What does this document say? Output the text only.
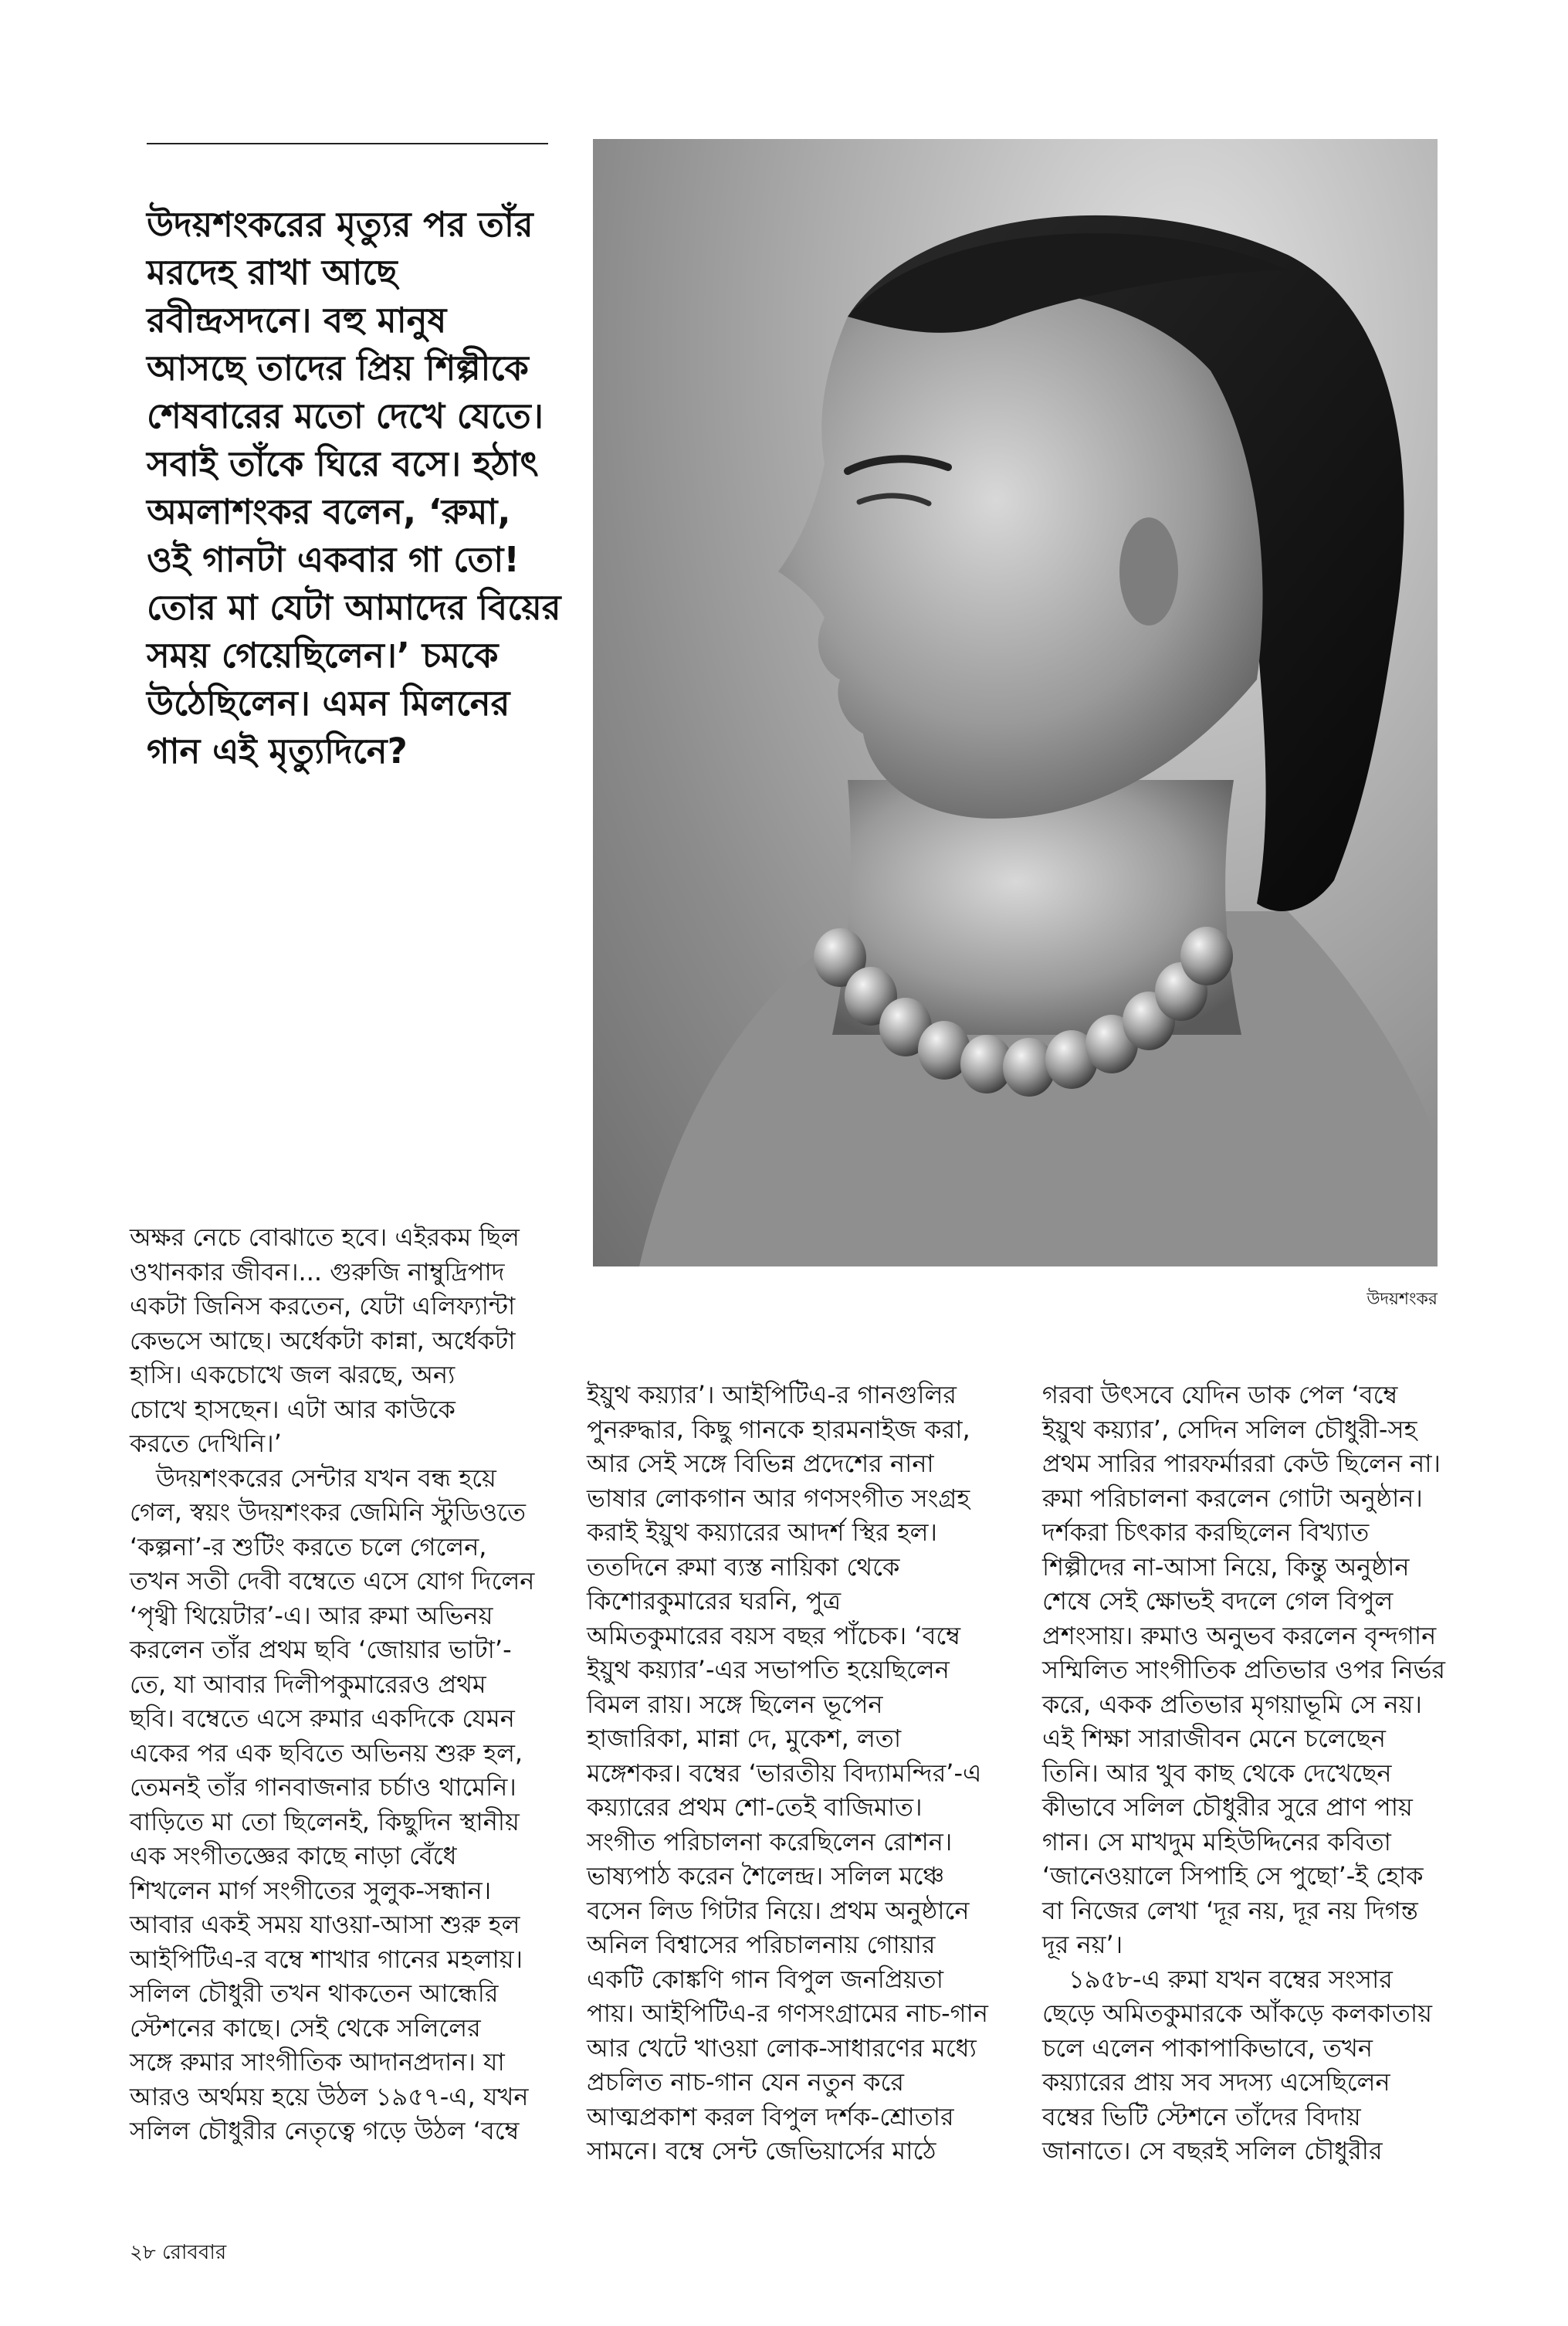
উদয়শংকরের মৃত্যুর পর তাঁর
মরদেহ রাখা আছে
রবীন্দ্রসদনে। বহু মানুষ
আসছে তাদের প্রিয় শিল্পীকে
শেষবারের মতো দেখে যেতে।
সবাই তাঁকে ঘিরে বসে। হঠাৎ
অমলাশংকর বলেন, ‘রুমা,
ওই গানটা একবার গা তো!
তোর মা যেটা আমাদের বিয়ের
সময় গেয়েছিলেন।’ চমকে
উঠেছিলেন। এমন মিলনের
গান এই মৃত্যুদিনে?
উদয়শংকর
অক্ষর নেচে বোঝাতে হবে। এইরকম ছিল
ওখানকার জীবন।... গুরুজি নাম্বুদ্রিপাদ
একটা জিনিস করতেন, যেটা এলিফ্যান্টা
কেভসে আছে। অর্ধেকটা কান্না, অর্ধেকটা
হাসি। একচোখে জল ঝরছে, অন্য
চোখে হাসছেন। এটা আর কাউকে
করতে দেখিনি।’
উদয়শংকরের সেন্টার যখন বন্ধ হয়ে
গেল, স্বয়ং উদয়শংকর জেমিনি স্টুডিওতে
‘কল্পনা’-র শুটিং করতে চলে গেলেন,
তখন সতী দেবী বম্বেতে এসে যোগ দিলেন
‘পৃথ্বী থিয়েটার’-এ। আর রুমা অভিনয়
করলেন তাঁর প্রথম ছবি ‘জোয়ার ভাটা’-
তে, যা আবার দিলীপকুমারেরও প্রথম
ছবি। বম্বেতে এসে রুমার একদিকে যেমন
একের পর এক ছবিতে অভিনয় শুরু হল,
তেমনই তাঁর গানবাজনার চর্চাও থামেনি।
বাড়িতে মা তো ছিলেনই, কিছুদিন স্থানীয়
এক সংগীতজ্ঞের কাছে নাড়া বেঁধে
শিখলেন মার্গ সংগীতের সুলুক-সন্ধান।
আবার একই সময় যাওয়া-আসা শুরু হল
আইপিটিএ-র বম্বে শাখার গানের মহলায়।
সলিল চৌধুরী তখন থাকতেন আন্ধেরি
স্টেশনের কাছে। সেই থেকে সলিলের
সঙ্গে রুমার সাংগীতিক আদানপ্রদান। যা
আরও অর্থময় হয়ে উঠল ১৯৫৭-এ, যখন
সলিল চৌধুরীর নেতৃত্বে গড়ে উঠল ‘বম্বে
ইয়ুথ কয়্যার’। আইপিটিএ-র গানগুলির
পুনরুদ্ধার, কিছু গানকে হারমনাইজ করা,
আর সেই সঙ্গে বিভিন্ন প্রদেশের নানা
ভাষার লোকগান আর গণসংগীত সংগ্রহ
করাই ইয়ুথ কয়্যারের আদর্শ স্থির হল।
ততদিনে রুমা ব্যস্ত নায়িকা থেকে
কিশোরকুমারের ঘরনি, পুত্র
অমিতকুমারের বয়স বছর পাঁচেক। ‘বম্বে
ইয়ুথ কয়্যার’-এর সভাপতি হয়েছিলেন
বিমল রায়। সঙ্গে ছিলেন ভূপেন
হাজারিকা, মান্না দে, মুকেশ, লতা
মঙ্গেশকর। বম্বের ‘ভারতীয় বিদ্যামন্দির’-এ
কয়্যারের প্রথম শো-তেই বাজিমাত।
সংগীত পরিচালনা করেছিলেন রোশন।
ভাষ্যপাঠ করেন শৈলেন্দ্র। সলিল মঞ্চে
বসেন লিড গিটার নিয়ে। প্রথম অনুষ্ঠানে
অনিল বিশ্বাসের পরিচালনায় গোয়ার
একটি কোঙ্কণি গান বিপুল জনপ্রিয়তা
পায়। আইপিটিএ-র গণসংগ্রামের নাচ-গান
আর খেটে খাওয়া লোক-সাধারণের মধ্যে
প্রচলিত নাচ-গান যেন নতুন করে
আত্মপ্রকাশ করল বিপুল দর্শক-শ্রোতার
সামনে। বম্বে সেন্ট জেভিয়ার্সের মাঠে
গরবা উৎসবে যেদিন ডাক পেল ‘বম্বে
ইয়ুথ কয়্যার’, সেদিন সলিল চৌধুরী-সহ
প্রথম সারির পারফর্মাররা কেউ ছিলেন না।
রুমা পরিচালনা করলেন গোটা অনুষ্ঠান।
দর্শকরা চিৎকার করছিলেন বিখ্যাত
শিল্পীদের না-আসা নিয়ে, কিন্তু অনুষ্ঠান
শেষে সেই ক্ষোভই বদলে গেল বিপুল
প্রশংসায়। রুমাও অনুভব করলেন বৃন্দগান
সম্মিলিত সাংগীতিক প্রতিভার ওপর নির্ভর
করে, একক প্রতিভার মৃগয়াভূমি সে নয়।
এই শিক্ষা সারাজীবন মেনে চলেছেন
তিনি। আর খুব কাছ থেকে দেখেছেন
কীভাবে সলিল চৌধুরীর সুরে প্রাণ পায়
গান। সে মাখদুম মহিউদ্দিনের কবিতা
‘জানেওয়ালে সিপাহি সে পুছো’-ই হোক
বা নিজের লেখা ‘দূর নয়, দূর নয় দিগন্ত
দূর নয়’।
১৯৫৮-এ রুমা যখন বম্বের সংসার
ছেড়ে অমিতকুমারকে আঁকড়ে কলকাতায়
চলে এলেন পাকাপাকিভাবে, তখন
কয়্যারের প্রায় সব সদস্য এসেছিলেন
বম্বের ভিটি স্টেশনে তাঁদের বিদায়
জানাতে। সে বছরই সলিল চৌধুরীর
২৮ রোববার
